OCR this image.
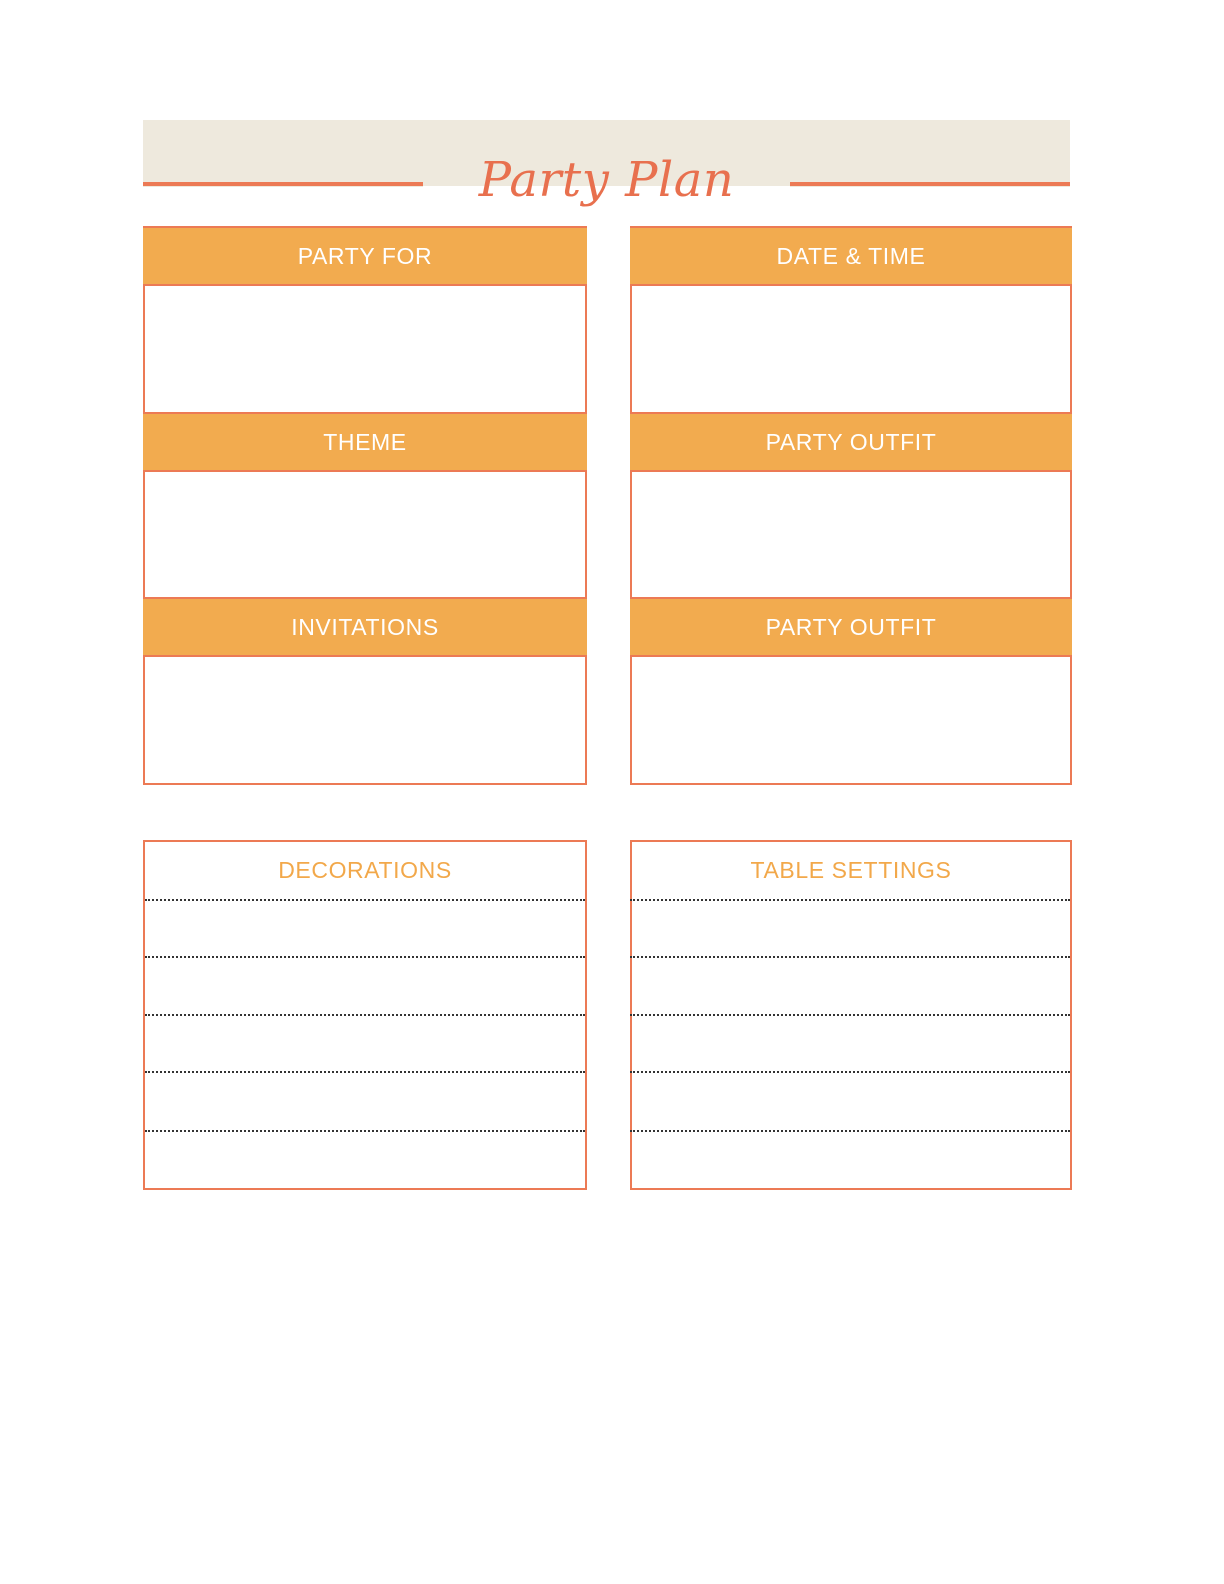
Party Plan
PARTY FOR
THEME
INVITATIONS
DATE & TIME
PARTY OUTFIT
PARTY OUTFIT
DECORATIONS	TABLE SETTINGS
